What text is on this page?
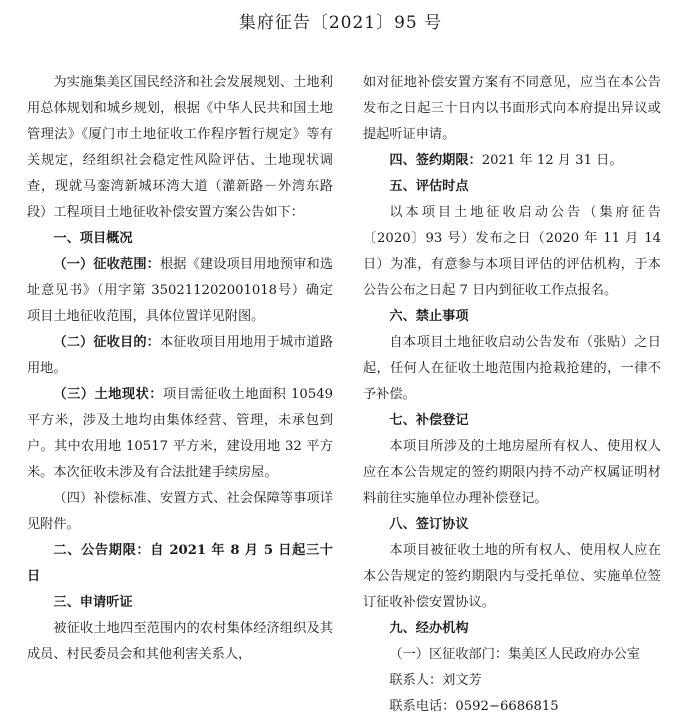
集府征告〔2021〕95 号

为实施集美区国民经济和社会发展规划、土地利用总体规划和城乡规划，根据《中华人民共和国土地管理法》《厦门市土地征收工作程序暂行规定》等有关规定，经组织社会稳定性风险评估、土地现状调查，现就马銮湾新城环湾大道（灌新路－外湾东路段）工程项目土地征收补偿安置方案公告如下：

一、项目概况

（一）征收范围：根据《建设项目用地预审和选址意见书》（用字第 350211202001018号）确定项目土地征收范围，具体位置详见附图。

（二）征收目的：本征收项目用地用于城市道路用地。

（三）土地现状：项目需征收土地面积 10549 平方米，涉及土地均由集体经营、管理，未承包到户。其中农用地 10517 平方米，建设用地 32 平方米。本次征收未涉及有合法批建手续房屋。

（四）补偿标准、安置方式、社会保障等事项详见附件。

二、公告期限：自 2021 年 8 月 5 日起三十日

三、申请听证

被征收土地四至范围内的农村集体经济组织及其成员、村民委员会和其他利害关系人，

如对征地补偿安置方案有不同意见，应当在本公告发布之日起三十日内以书面形式向本府提出异议或提起听证申请。

四、签约期限：2021 年 12 月 31 日。

五、评估时点

以本项目土地征收启动公告（集府征告〔2020〕93 号）发布之日（2020 年 11 月 14 日）为准，有意参与本项目评估的评估机构，于本公告公布之日起 7 日内到征收工作点报名。

六、禁止事项

自本项目土地征收启动公告发布（张贴）之日起，任何人在征收土地范围内抢栽抢建的，一律不予补偿。

七、补偿登记

本项目所涉及的土地房屋所有权人、使用权人应在本公告规定的签约期限内持不动产权属证明材料前往实施单位办理补偿登记。

八、签订协议

本项目被征收土地的所有权人、使用权人应在本公告规定的签约期限内与受托单位、实施单位签订征收补偿安置协议。

九、经办机构

（一）区征收部门：集美区人民政府办公室

联系人：刘文芳

联系电话：0592−6686815
